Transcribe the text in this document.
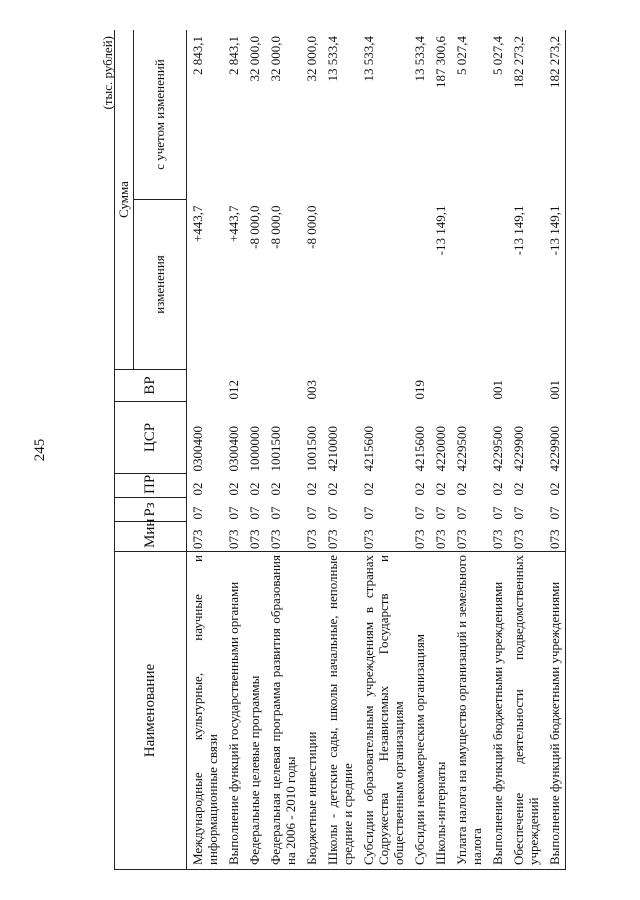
245
(тыс. рублей)
Наименование	Мин	Рз	ПР	ЦСР	ВР	Сумма	
						изменения	с учетом изменений
Международные культурные, научные и информационные связи	073	07	02	0300400		+443,7	2 843,1
Выполнение функций государственными органами	073	07	02	0300400	012	+443,7	2 843,1
Федеральные целевые программы	073	07	02	1000000		-8 000,0	32 000,0
Федеральная целевая программа развития образования на 2006 - 2010 годы	073	07	02	1001500		-8 000,0	32 000,0
Бюджетные инвестиции	073	07	02	1001500	003	-8 000,0	32 000,0
Школы - детские сады, школы начальные, неполные средние и средние	073	07	02	4210000			13 533,4
Субсидии образовательным учреждениям в странах Содружества Независимых Государств и общественным организациям	073	07	02	4215600			13 533,4
Субсидии некоммерческим организациям	073	07	02	4215600	019		13 533,4
Школы-интернаты	073	07	02	4220000		-13 149,1	187 300,6
Уплата налога на имущество организаций и земельного налога	073	07	02	4229500			5 027,4
Выполнение функций бюджетными учреждениями	073	07	02	4229500	001		5 027,4
Обеспечение деятельности подведомственных учреждений	073	07	02	4229900		-13 149,1	182 273,2
Выполнение функций бюджетными учреждениями	073	07	02	4229900	001	-13 149,1	182 273,2
